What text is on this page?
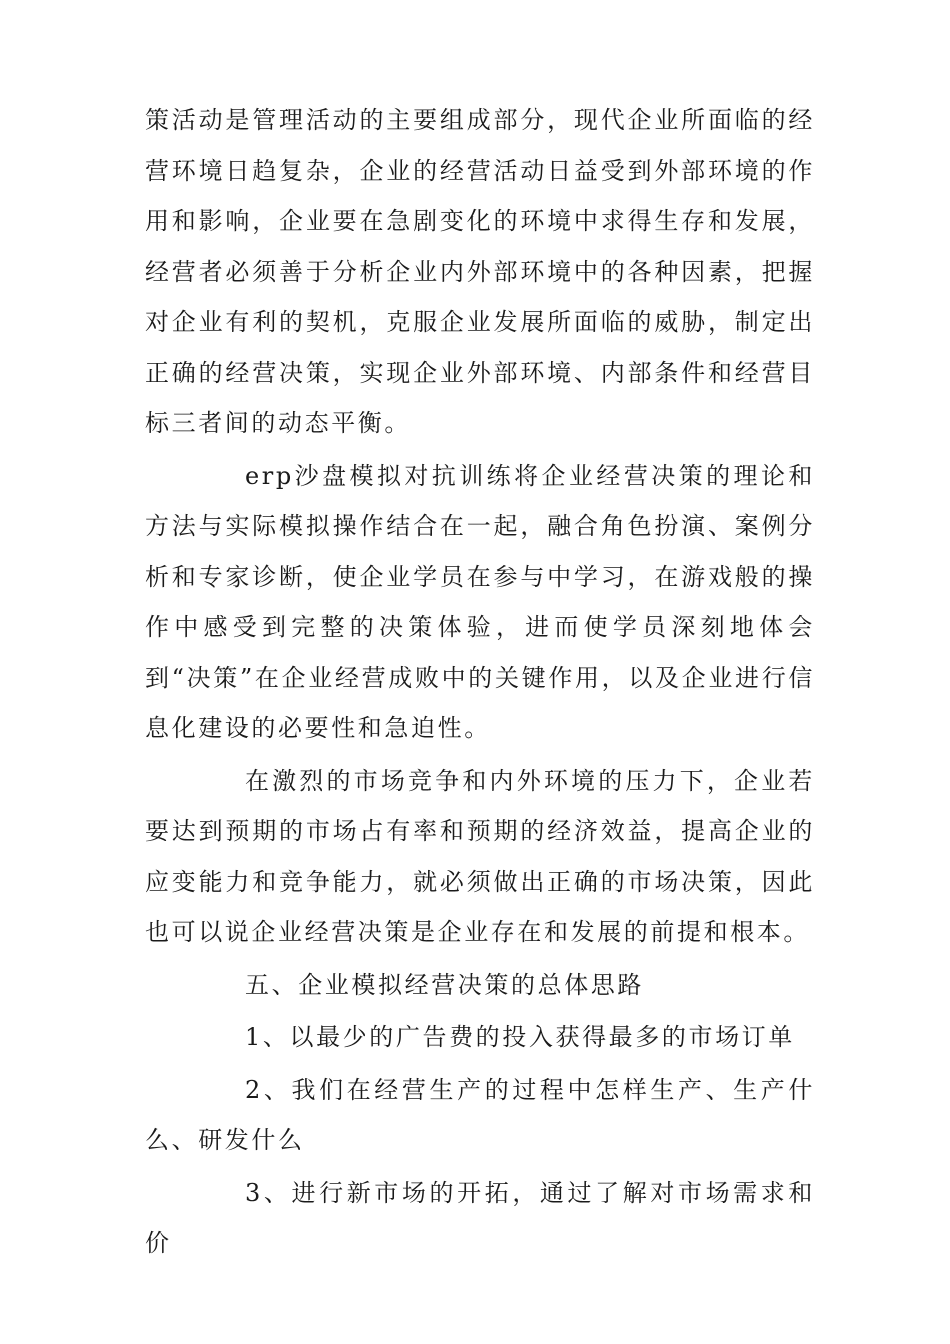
策活动是管理活动的主要组成部分，现代企业所面临的经营环境日趋复杂，企业的经营活动日益受到外部环境的作用和影响，企业要在急剧变化的环境中求得生存和发展，经营者必须善于分析企业内外部环境中的各种因素，把握对企业有利的契机，克服企业发展所面临的威胁，制定出正确的经营决策，实现企业外部环境、内部条件和经营目标三者间的动态平衡。

erp沙盘模拟对抗训练将企业经营决策的理论和方法与实际模拟操作结合在一起，融合角色扮演、案例分析和专家诊断，使企业学员在参与中学习，在游戏般的操作中感受到完整的决策体验，进而使学员深刻地体会到“决策”在企业经营成败中的关键作用，以及企业进行信息化建设的必要性和急迫性。

在激烈的市场竞争和内外环境的压力下，企业若要达到预期的市场占有率和预期的经济效益，提高企业的应变能力和竞争能力，就必须做出正确的市场决策，因此也可以说企业经营决策是企业存在和发展的前提和根本。

五、企业模拟经营决策的总体思路

1、以最少的广告费的投入获得最多的市场订单

2、我们在经营生产的过程中怎样生产、生产什么、研发什么

3、进行新市场的开拓，通过了解对市场需求和价
